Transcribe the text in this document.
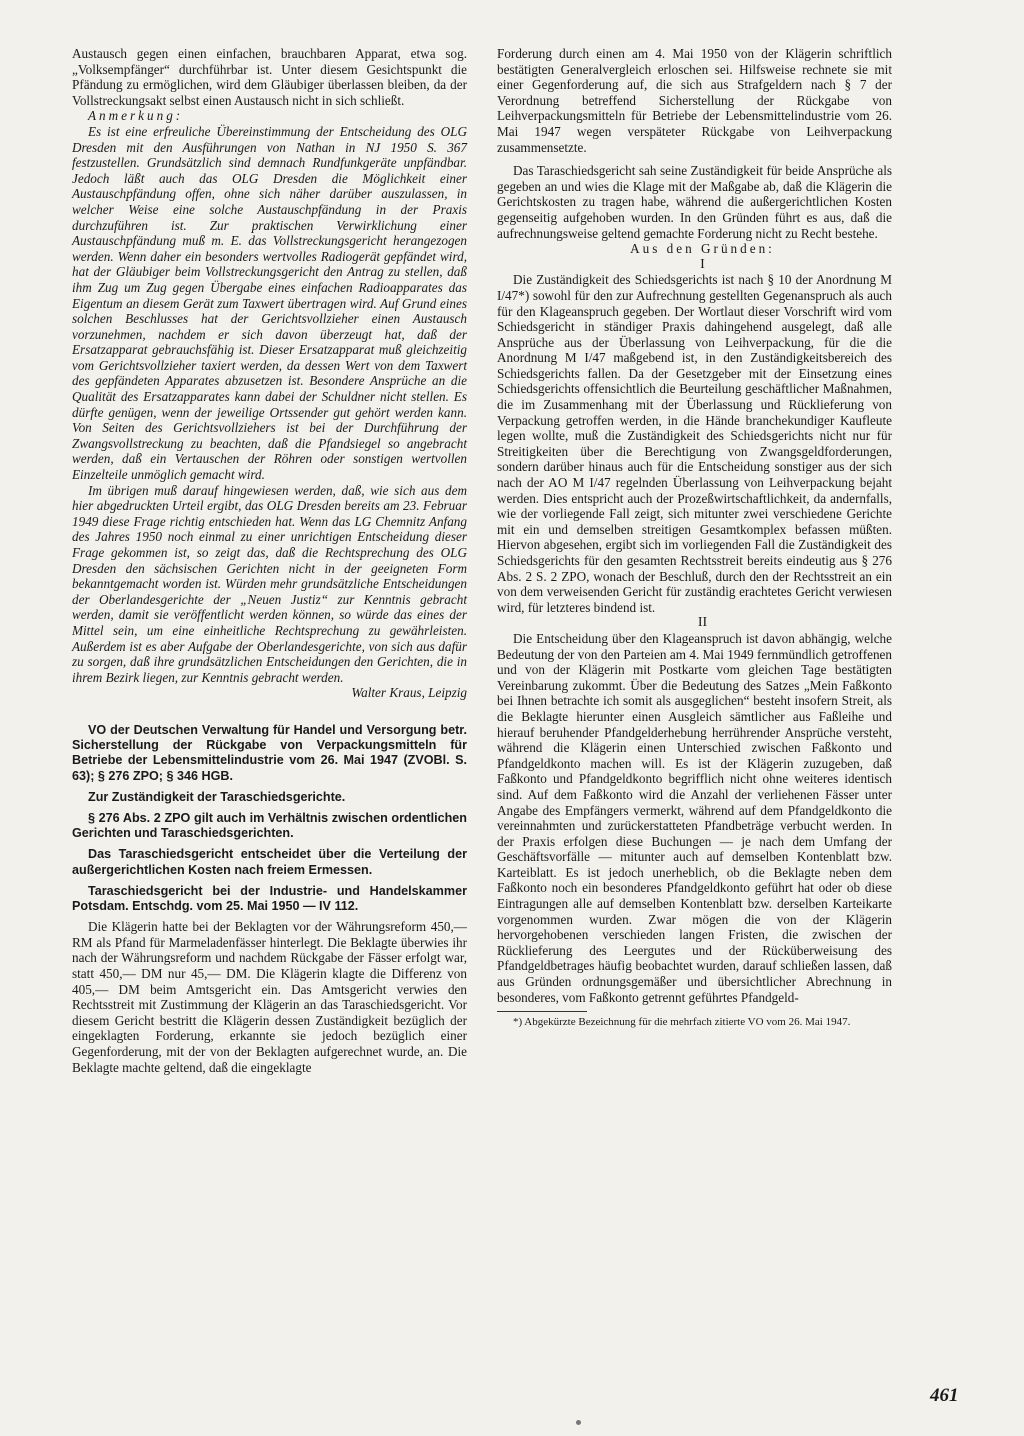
Austausch gegen einen einfachen, brauchbaren Apparat, etwa sog. „Volksempfänger“ durchführbar ist. Unter diesem Gesichtspunkt die Pfändung zu ermöglichen, wird dem Gläubiger überlassen bleiben, da der Vollstreckungsakt selbst einen Austausch nicht in sich schließt.

Anmerkung:

Es ist eine erfreuliche Übereinstimmung der Entscheidung des OLG Dresden mit den Ausführungen von Nathan in NJ 1950 S. 367 festzustellen. Grundsätzlich sind demnach Rundfunkgeräte unpfändbar. Jedoch läßt auch das OLG Dresden die Möglichkeit einer Austauschpfändung offen, ohne sich näher darüber auszulassen, in welcher Weise eine solche Austauschpfändung in der Praxis durchzuführen ist. Zur praktischen Verwirklichung einer Austauschpfändung muß m. E. das Vollstreckungsgericht herangezogen werden. Wenn daher ein besonders wertvolles Radiogerät gepfändet wird, hat der Gläubiger beim Vollstreckungsgericht den Antrag zu stellen, daß ihm Zug um Zug gegen Übergabe eines einfachen Radioapparates das Eigentum an diesem Gerät zum Taxwert übertragen wird. Auf Grund eines solchen Beschlusses hat der Gerichtsvollzieher einen Austausch vorzunehmen, nachdem er sich davon überzeugt hat, daß der Ersatzapparat gebrauchsfähig ist. Dieser Ersatzapparat muß gleichzeitig vom Gerichtsvollzieher taxiert werden, da dessen Wert von dem Taxwert des gepfändeten Apparates abzusetzen ist. Besondere Ansprüche an die Qualität des Ersatzapparates kann dabei der Schuldner nicht stellen. Es dürfte genügen, wenn der jeweilige Ortssender gut gehört werden kann. Von Seiten des Gerichtsvollziehers ist bei der Durchführung der Zwangsvollstreckung zu beachten, daß die Pfandsiegel so angebracht werden, daß ein Vertauschen der Röhren oder sonstigen wertvollen Einzelteile unmöglich gemacht wird.

Im übrigen muß darauf hingewiesen werden, daß, wie sich aus dem hier abgedruckten Urteil ergibt, das OLG Dresden bereits am 23. Februar 1949 diese Frage richtig entschieden hat. Wenn das LG Chemnitz Anfang des Jahres 1950 noch einmal zu einer unrichtigen Entscheidung dieser Frage gekommen ist, so zeigt das, daß die Rechtsprechung des OLG Dresden den sächsischen Gerichten nicht in der geeigneten Form bekanntgemacht worden ist. Würden mehr grundsätzliche Entscheidungen der Oberlandesgerichte der „Neuen Justiz“ zur Kenntnis gebracht werden, damit sie veröffentlicht werden können, so würde das eines der Mittel sein, um eine einheitliche Rechtsprechung zu gewährleisten. Außerdem ist es aber Aufgabe der Oberlandesgerichte, von sich aus dafür zu sorgen, daß ihre grundsätzlichen Entscheidungen den Gerichten, die in ihrem Bezirk liegen, zur Kenntnis gebracht werden.

Walter Kraus, Leipzig

VO der Deutschen Verwaltung für Handel und Versorgung betr. Sicherstellung der Rückgabe von Verpackungsmitteln für Betriebe der Lebensmittelindustrie vom 26. Mai 1947 (ZVOBl. S. 63); § 276 ZPO; § 346 HGB.

Zur Zuständigkeit der Taraschiedsgerichte.

§ 276 Abs. 2 ZPO gilt auch im Verhältnis zwischen ordentlichen Gerichten und Taraschiedsgerichten.

Das Taraschiedsgericht entscheidet über die Verteilung der außergerichtlichen Kosten nach freiem Ermessen.

Taraschiedsgericht bei der Industrie- und Handelskammer Potsdam. Entschdg. vom 25. Mai 1950 — IV 112.

Die Klägerin hatte bei der Beklagten vor der Währungsreform 450,— RM als Pfand für Marmeladenfässer hinterlegt. Die Beklagte überwies ihr nach der Währungsreform und nachdem Rückgabe der Fässer erfolgt war, statt 450,— DM nur 45,— DM. Die Klägerin klagte die Differenz von 405,— DM beim Amtsgericht ein. Das Amtsgericht verwies den Rechtsstreit mit Zustimmung der Klägerin an das Taraschiedsgericht. Vor diesem Gericht bestritt die Klägerin dessen Zuständigkeit bezüglich der eingeklagten Forderung, erkannte sie jedoch bezüglich einer Gegenforderung, mit der von der Beklagten aufgerechnet wurde, an. Die Beklagte machte geltend, daß die eingeklagte

Forderung durch einen am 4. Mai 1950 von der Klägerin schriftlich bestätigten Generalvergleich erloschen sei. Hilfsweise rechnete sie mit einer Gegenforderung auf, die sich aus Strafgeldern nach § 7 der Verordnung betreffend Sicherstellung der Rückgabe von Leihverpackungsmitteln für Betriebe der Lebensmittelindustrie vom 26. Mai 1947 wegen verspäteter Rückgabe von Leihverpackung zusammensetzte.

Das Taraschiedsgericht sah seine Zuständigkeit für beide Ansprüche als gegeben an und wies die Klage mit der Maßgabe ab, daß die Klägerin die Gerichtskosten zu tragen habe, während die außergerichtlichen Kosten gegenseitig aufgehoben wurden. In den Gründen führt es aus, daß die aufrechnungsweise geltend gemachte Forderung nicht zu Recht bestehe.

Aus den Gründen:

I

Die Zuständigkeit des Schiedsgerichts ist nach § 10 der Anordnung M I/47*) sowohl für den zur Aufrechnung gestellten Gegenanspruch als auch für den Klageanspruch gegeben. Der Wortlaut dieser Vorschrift wird vom Schiedsgericht in ständiger Praxis dahingehend ausgelegt, daß alle Ansprüche aus der Überlassung von Leihverpackung, für die die Anordnung M I/47 maßgebend ist, in den Zuständigkeitsbereich des Schiedsgerichts fallen. Da der Gesetzgeber mit der Einsetzung eines Schiedsgerichts offensichtlich die Beurteilung geschäftlicher Maßnahmen, die im Zusammenhang mit der Überlassung und Rücklieferung von Verpackung getroffen werden, in die Hände branchekundiger Kaufleute legen wollte, muß die Zuständigkeit des Schiedsgerichts nicht nur für Streitigkeiten über die Berechtigung von Zwangsgeldforderungen, sondern darüber hinaus auch für die Entscheidung sonstiger aus der sich nach der AO M I/47 regelnden Überlassung von Leihverpackung bejaht werden. Dies entspricht auch der Prozeßwirtschaftlichkeit, da andernfalls, wie der vorliegende Fall zeigt, sich mitunter zwei verschiedene Gerichte mit ein und demselben streitigen Gesamtkomplex befassen müßten. Hiervon abgesehen, ergibt sich im vorliegenden Fall die Zuständigkeit des Schiedsgerichts für den gesamten Rechtsstreit bereits eindeutig aus § 276 Abs. 2 S. 2 ZPO, wonach der Beschluß, durch den der Rechtsstreit an ein von dem verweisenden Gericht für zuständig erachtetes Gericht verwiesen wird, für letzteres bindend ist.

II

Die Entscheidung über den Klageanspruch ist davon abhängig, welche Bedeutung der von den Parteien am 4. Mai 1949 fernmündlich getroffenen und von der Klägerin mit Postkarte vom gleichen Tage bestätigten Vereinbarung zukommt. Über die Bedeutung des Satzes „Mein Faßkonto bei Ihnen betrachte ich somit als ausgeglichen“ besteht insofern Streit, als die Beklagte hierunter einen Ausgleich sämtlicher aus Faßleihe und hierauf beruhender Pfandgelderhebung herrührender Ansprüche versteht, während die Klägerin einen Unterschied zwischen Faßkonto und Pfandgeldkonto machen will. Es ist der Klägerin zuzugeben, daß Faßkonto und Pfandgeldkonto begrifflich nicht ohne weiteres identisch sind. Auf dem Faßkonto wird die Anzahl der verliehenen Fässer unter Angabe des Empfängers vermerkt, während auf dem Pfandgeldkonto die vereinnahmten und zurückerstatteten Pfandbeträge verbucht werden. In der Praxis erfolgen diese Buchungen — je nach dem Umfang der Geschäftsvorfälle — mitunter auch auf demselben Kontenblatt bzw. Karteiblatt. Es ist jedoch unerheblich, ob die Beklagte neben dem Faßkonto noch ein besonderes Pfandgeldkonto geführt hat oder ob diese Eintragungen alle auf demselben Kontenblatt bzw. derselben Karteikarte vorgenommen wurden. Zwar mögen die von der Klägerin hervorgehobenen verschieden langen Fristen, die zwischen der Rücklieferung des Leergutes und der Rücküberweisung des Pfandgeldbetrages häufig beobachtet wurden, darauf schließen lassen, daß aus Gründen ordnungsgemäßer und übersichtlicher Abrechnung in besonderes, vom Faßkonto getrennt geführtes Pfandgeld-

*) Abgekürzte Bezeichnung für die mehrfach zitierte VO vom 26. Mai 1947.

461
